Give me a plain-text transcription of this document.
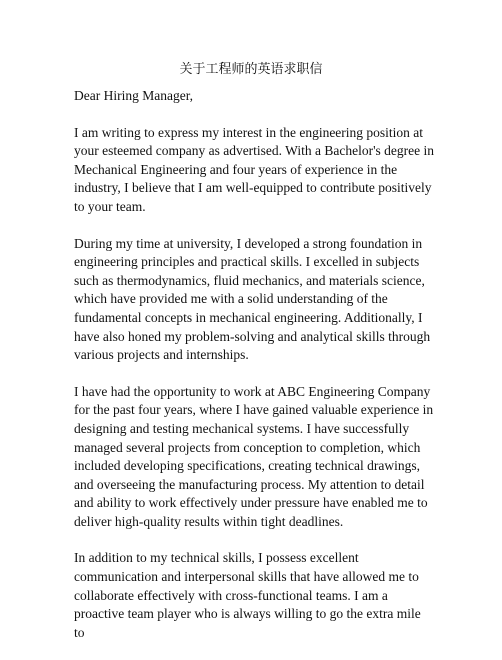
关于工程师的英语求职信

Dear Hiring Manager,

I am writing to express my interest in the engineering position at your esteemed company as advertised. With a Bachelor's degree in Mechanical Engineering and four years of experience in the industry, I believe that I am well-equipped to contribute positively to your team.

During my time at university, I developed a strong foundation in engineering principles and practical skills. I excelled in subjects such as thermodynamics, fluid mechanics, and materials science, which have provided me with a solid understanding of the fundamental concepts in mechanical engineering. Additionally, I have also honed my problem-solving and analytical skills through various projects and internships.

I have had the opportunity to work at ABC Engineering Company for the past four years, where I have gained valuable experience in designing and testing mechanical systems. I have successfully managed several projects from conception to completion, which included developing specifications, creating technical drawings, and overseeing the manufacturing process. My attention to detail and ability to work effectively under pressure have enabled me to deliver high-quality results within tight deadlines.

In addition to my technical skills, I possess excellent communication and interpersonal skills that have allowed me to collaborate effectively with cross-functional teams. I am a proactive team player who is always willing to go the extra mile to
